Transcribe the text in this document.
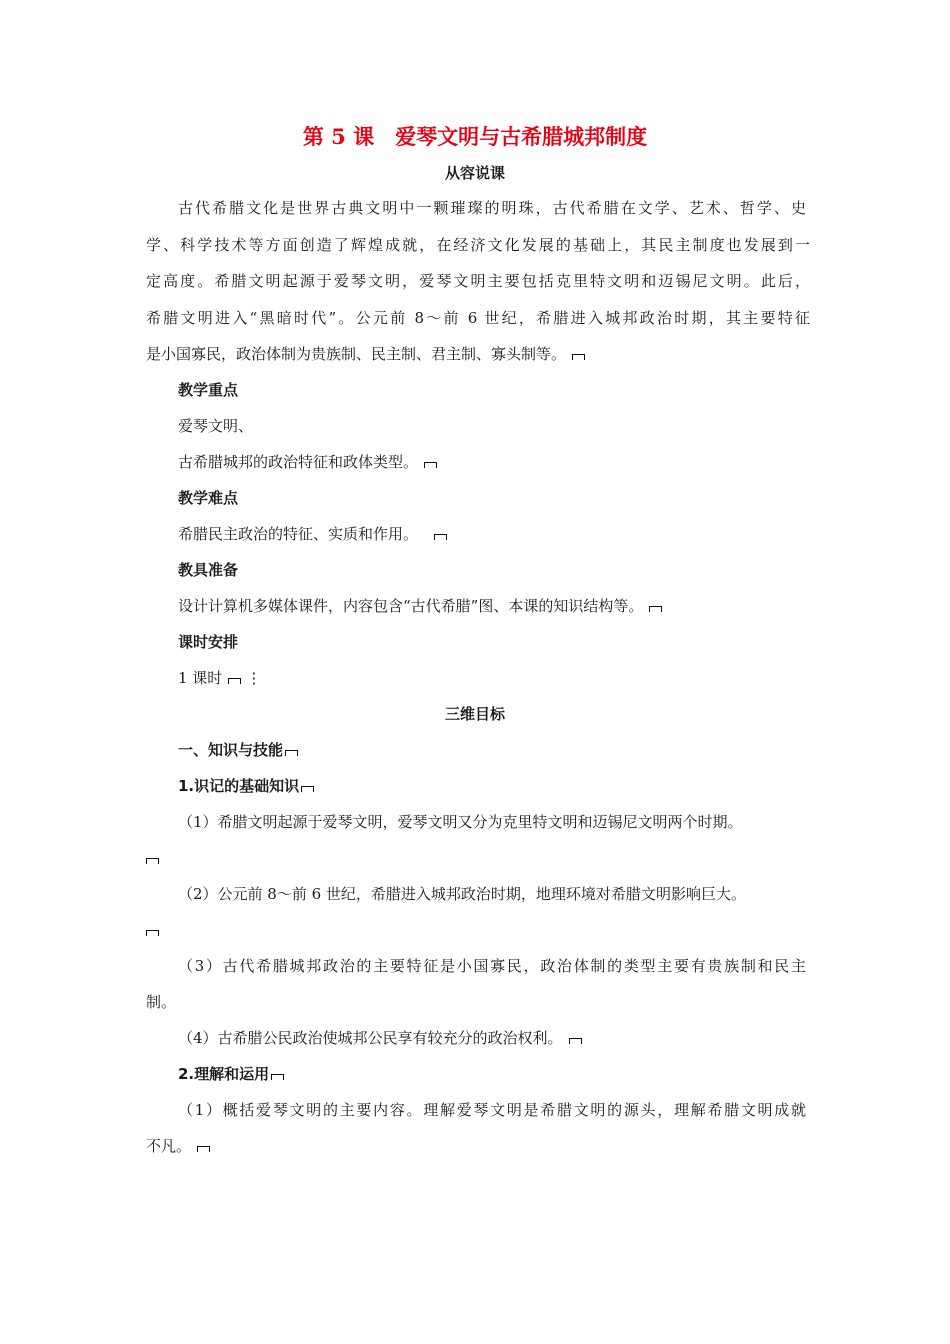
第 5 课　爱琴文明与古希腊城邦制度
从容说课
古代希腊文化是世界古典文明中一颗璀璨的明珠，古代希腊在文学、艺术、哲学、史
学、科学技术等方面创造了辉煌成就，在经济文化发展的基础上，其民主制度也发展到一
定高度。希腊文明起源于爱琴文明，爱琴文明主要包括克里特文明和迈锡尼文明。此后，
希腊文明进入“黑暗时代”。公元前 8～前 6 世纪，希腊进入城邦政治时期，其主要特征
是小国寡民，政治体制为贵族制、民主制、君主制、寡头制等。
教学重点
爱琴文明、
古希腊城邦的政治特征和政体类型。
教学难点
希腊民主政治的特征、实质和作用。
教具准备
设计计算机多媒体课件，内容包含“古代希腊”图、本课的知识结构等。
课时安排
1 课时 ⋮
三维目标
一、知识与技能
1.识记的基础知识
（1）希腊文明起源于爱琴文明，爱琴文明又分为克里特文明和迈锡尼文明两个时期。
（2）公元前 8～前 6 世纪，希腊进入城邦政治时期，地理环境对希腊文明影响巨大。
（3）古代希腊城邦政治的主要特征是小国寡民，政治体制的类型主要有贵族制和民主
制。
（4）古希腊公民政治使城邦公民享有较充分的政治权利。
2.理解和运用
（1）概括爱琴文明的主要内容。理解爱琴文明是希腊文明的源头，理解希腊文明成就
不凡。
